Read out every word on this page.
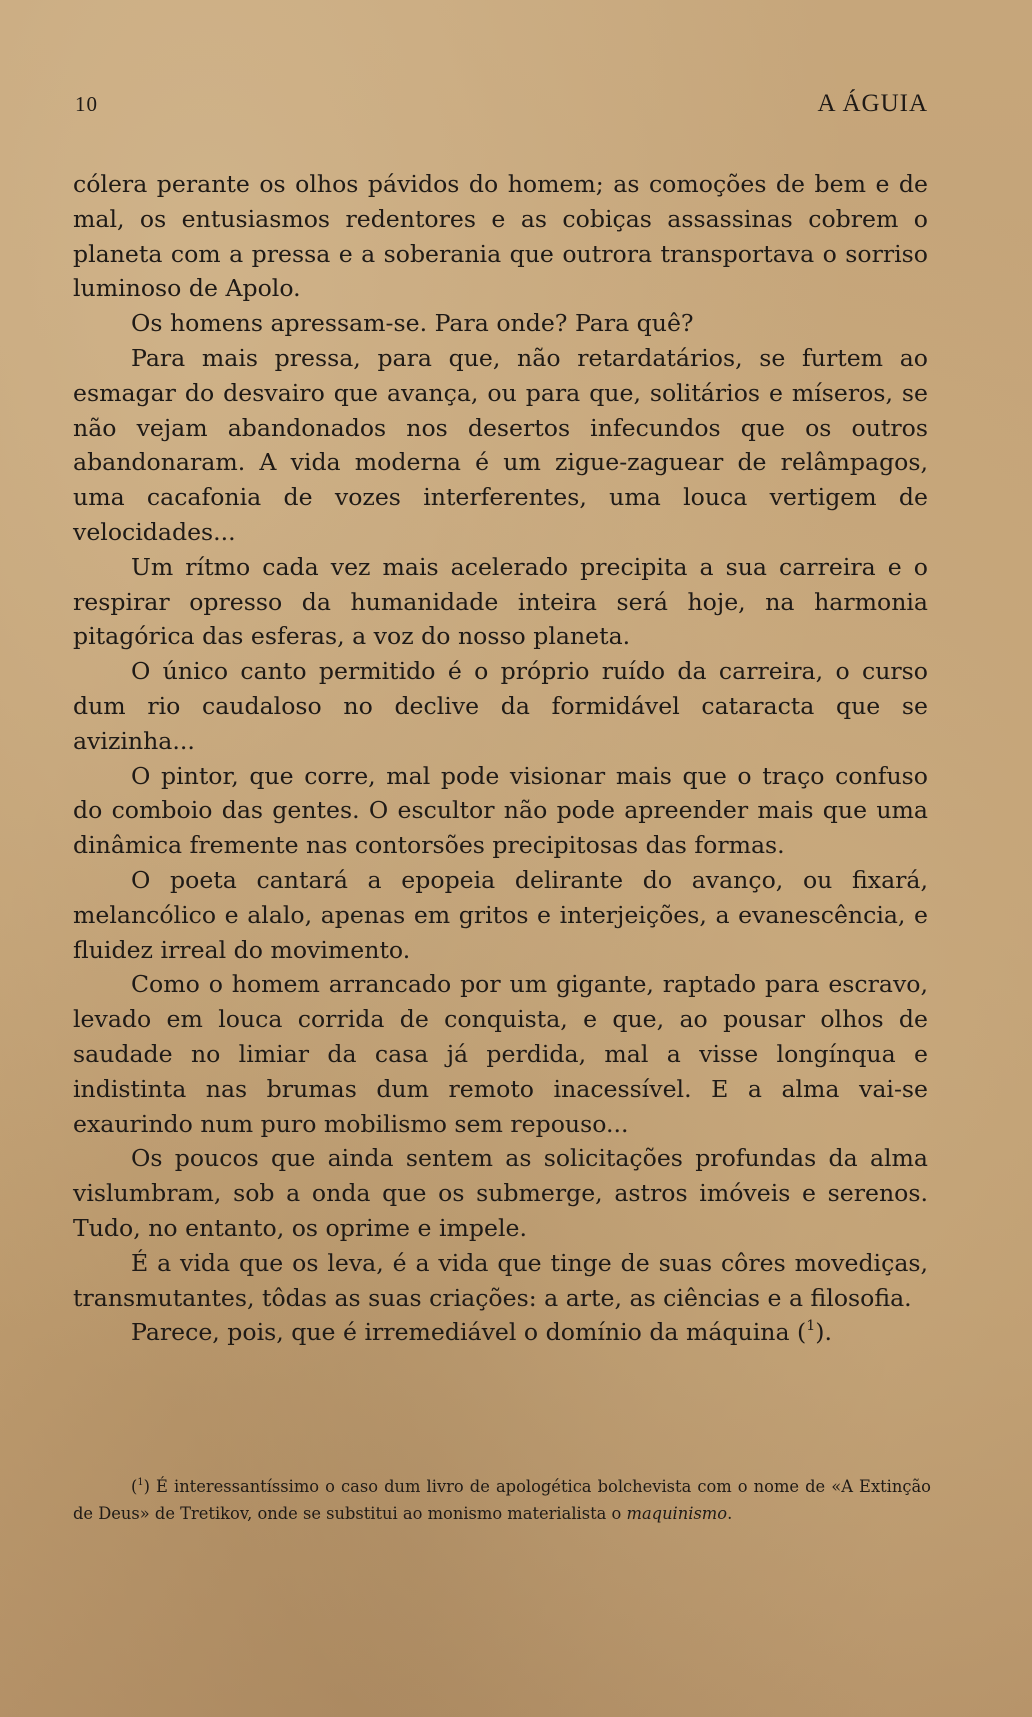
10	A ÁGUIA

cólera perante os olhos pávidos do homem; as comoções de bem e de mal, os entusiasmos redentores e as cobiças assassinas cobrem o planeta com a pressa e a soberania que outrora transportava o sorriso luminoso de Apolo.

Os homens apressam-se. Para onde? Para quê?

Para mais pressa, para que, não retardatários, se furtem ao esmagar do desvairo que avança, ou para que, solitários e míseros, se não vejam abandonados nos desertos infecundos que os outros abandonaram. A vida moderna é um zigue-zaguear de relâmpagos, uma cacafonia de vozes interferentes, uma louca vertigem de velocidades...

Um rítmo cada vez mais acelerado precipita a sua carreira e o respirar opresso da humanidade inteira será hoje, na harmonia pitagórica das esferas, a voz do nosso planeta.

O único canto permitido é o próprio ruído da carreira, o curso dum rio caudaloso no declive da formidável cataracta que se avizinha...

O pintor, que corre, mal pode visionar mais que o traço confuso do comboio das gentes. O escultor não pode apreender mais que uma dinâmica fremente nas contorsões precipitosas das formas.

O poeta cantará a epopeia delirante do avanço, ou fixará, melancólico e alalo, apenas em gritos e interjeições, a evanescência, e fluidez irreal do movimento.

Como o homem arrancado por um gigante, raptado para escravo, levado em louca corrida de conquista, e que, ao pousar olhos de saudade no limiar da casa já perdida, mal a visse longínqua e indistinta nas brumas dum remoto inacessível. E a alma vai-se exaurindo num puro mobilismo sem repouso...

Os poucos que ainda sentem as solicitações profundas da alma vislumbram, sob a onda que os submerge, astros imóveis e serenos. Tudo, no entanto, os oprime e impele.

É a vida que os leva, é a vida que tinge de suas côres movediças, transmutantes, tôdas as suas criações: a arte, as ciências e a filosofia.

Parece, pois, que é irremediável o domínio da máquina ($^1$).

($^1$) É interessantíssimo o caso dum livro de apologética bolchevista com o nome de «A Extinção de Deus» de Tretikov, onde se substitui ao monismo materialista o maquinismo.
